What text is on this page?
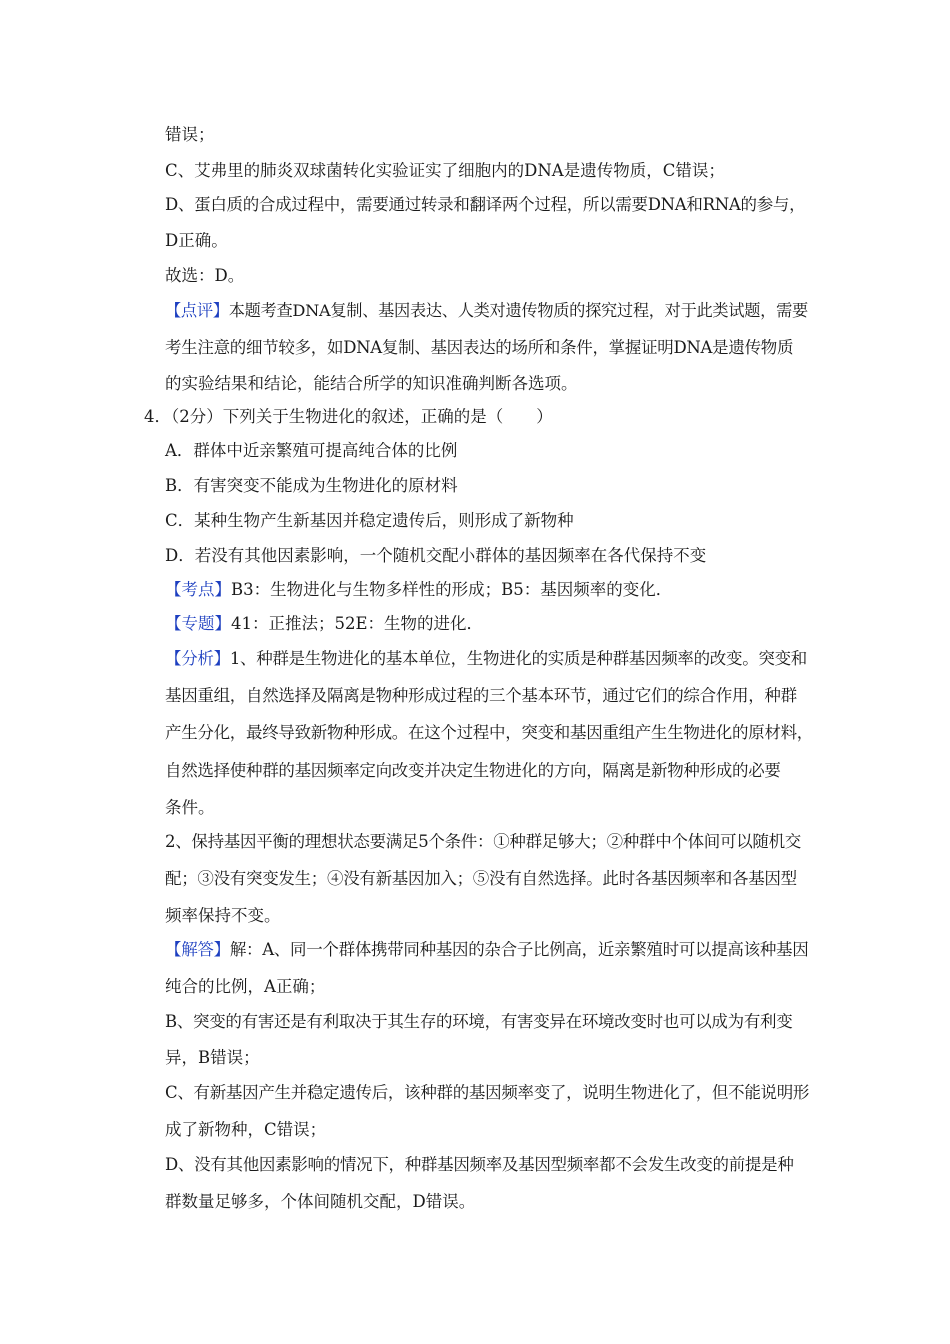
错误；
C、艾弗里的肺炎双球菌转化实验证实了细胞内的DNA是遗传物质，C错误；
D、蛋白质的合成过程中，需要通过转录和翻译两个过程，所以需要DNA和RNA的参与，
D正确。
故选：D。
【点评】本题考查DNA复制、基因表达、人类对遗传物质的探究过程，对于此类试题，需要
考生注意的细节较多，如DNA复制、基因表达的场所和条件，掌握证明DNA是遗传物质
的实验结果和结论，能结合所学的知识准确判断各选项。
4．（2分）下列关于生物进化的叙述，正确的是（　　）
A．群体中近亲繁殖可提高纯合体的比例
B．有害突变不能成为生物进化的原材料
C．某种生物产生新基因并稳定遗传后，则形成了新物种
D．若没有其他因素影响，一个随机交配小群体的基因频率在各代保持不变
【考点】B3：生物进化与生物多样性的形成；B5：基因频率的变化．
【专题】41：正推法；52E：生物的进化．
【分析】1、种群是生物进化的基本单位，生物进化的实质是种群基因频率的改变。突变和
基因重组，自然选择及隔离是物种形成过程的三个基本环节，通过它们的综合作用，种群
产生分化，最终导致新物种形成。在这个过程中，突变和基因重组产生生物进化的原材料，
自然选择使种群的基因频率定向改变并决定生物进化的方向，隔离是新物种形成的必要
条件。
2、保持基因平衡的理想状态要满足5个条件：①种群足够大；②种群中个体间可以随机交
配；③没有突变发生；④没有新基因加入；⑤没有自然选择。此时各基因频率和各基因型
频率保持不变。
【解答】解：A、同一个群体携带同种基因的杂合子比例高，近亲繁殖时可以提高该种基因
纯合的比例，A正确；
B、突变的有害还是有利取决于其生存的环境，有害变异在环境改变时也可以成为有利变
异，B错误；
C、有新基因产生并稳定遗传后，该种群的基因频率变了，说明生物进化了，但不能说明形
成了新物种，C错误；
D、没有其他因素影响的情况下，种群基因频率及基因型频率都不会发生改变的前提是种
群数量足够多，个体间随机交配，D错误。
